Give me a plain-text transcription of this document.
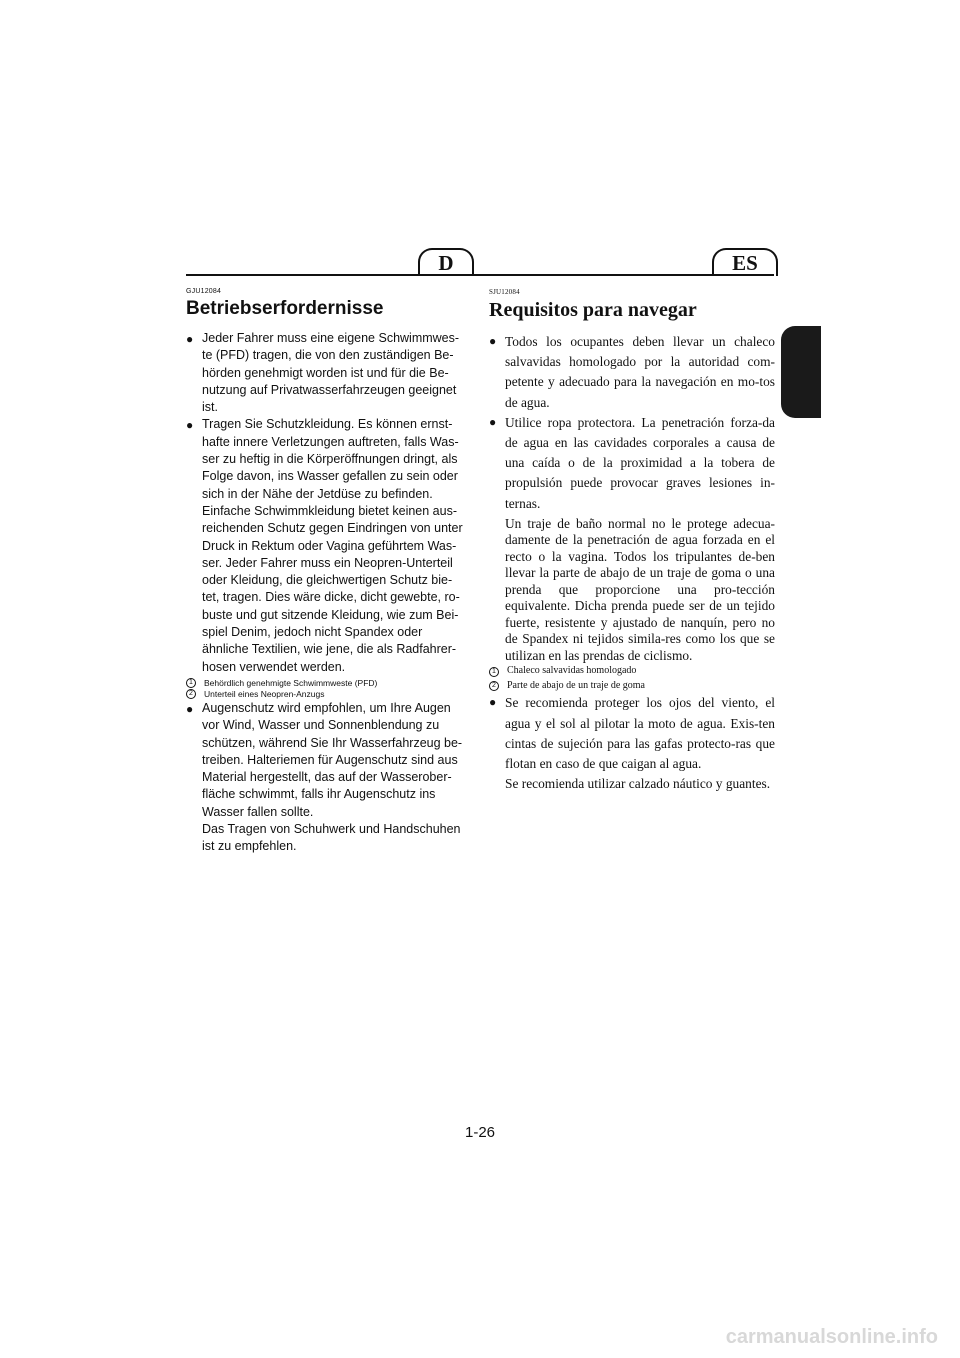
D	ES
GJU12084
Betriebserfordernisse
● Jeder Fahrer muss eine eigene Schwimmwes-te (PFD) tragen, die von den zuständigen Be-hörden genehmigt worden ist und für die Be-nutzung auf Privatwasserfahrzeugen geeignet ist.
● Tragen Sie Schutzkleidung. Es können ernst-hafte innere Verletzungen auftreten, falls Was-ser zu heftig in die Körperöffnungen dringt, als Folge davon, ins Wasser gefallen zu sein oder sich in der Nähe der Jetdüse zu befinden.
Einfache Schwimmkleidung bietet keinen aus-reichenden Schutz gegen Eindringen von unter Druck in Rektum oder Vagina geführtem Was-ser. Jeder Fahrer muss ein Neopren-Unterteil oder Kleidung, die gleichwertigen Schutz bie-tet, tragen. Dies wäre dicke, dicht gewebte, ro-buste und gut sitzende Kleidung, wie zum Bei-spiel Denim, jedoch nicht Spandex oder ähnliche Textilien, wie jene, die als Radfahrer-hosen verwendet werden.
1	Behördlich genehmigte Schwimmweste (PFD)
2	Unterteil eines Neopren-Anzugs
● Augenschutz wird empfohlen, um Ihre Augen vor Wind, Wasser und Sonnenblendung zu schützen, während Sie Ihr Wasserfahrzeug be-treiben. Halteriemen für Augenschutz sind aus Material hergestellt, das auf der Wasserober-fläche schwimmt, falls ihr Augenschutz ins Wasser fallen sollte.
Das Tragen von Schuhwerk und Handschuhen ist zu empfehlen.
SJU12084
Requisitos para navegar
● Todos los ocupantes deben llevar un chaleco salvavidas homologado por la autoridad com-petente y adecuado para la navegación en mo-tos de agua.
● Utilice ropa protectora. La penetración forza-da de agua en las cavidades corporales a causa de una caída o de la proximidad a la tobera de propulsión puede provocar graves lesiones in-ternas.
Un traje de baño normal no le protege adecua-damente de la penetración de agua forzada en el recto o la vagina. Todos los tripulantes de-ben llevar la parte de abajo de un traje de goma o una prenda que proporcione una pro-tección equivalente. Dicha prenda puede ser de un tejido fuerte, resistente y ajustado de nanquín, pero no de Spandex ni tejidos simila-res como los que se utilizan en las prendas de ciclismo.
1	Chaleco salvavidas homologado
2	Parte de abajo de un traje de goma
● Se recomienda proteger los ojos del viento, el agua y el sol al pilotar la moto de agua. Exis-ten cintas de sujeción para las gafas protecto-ras que flotan en caso de que caigan al agua.
Se recomienda utilizar calzado náutico y guantes.
1-26
carmanualsonline.info
